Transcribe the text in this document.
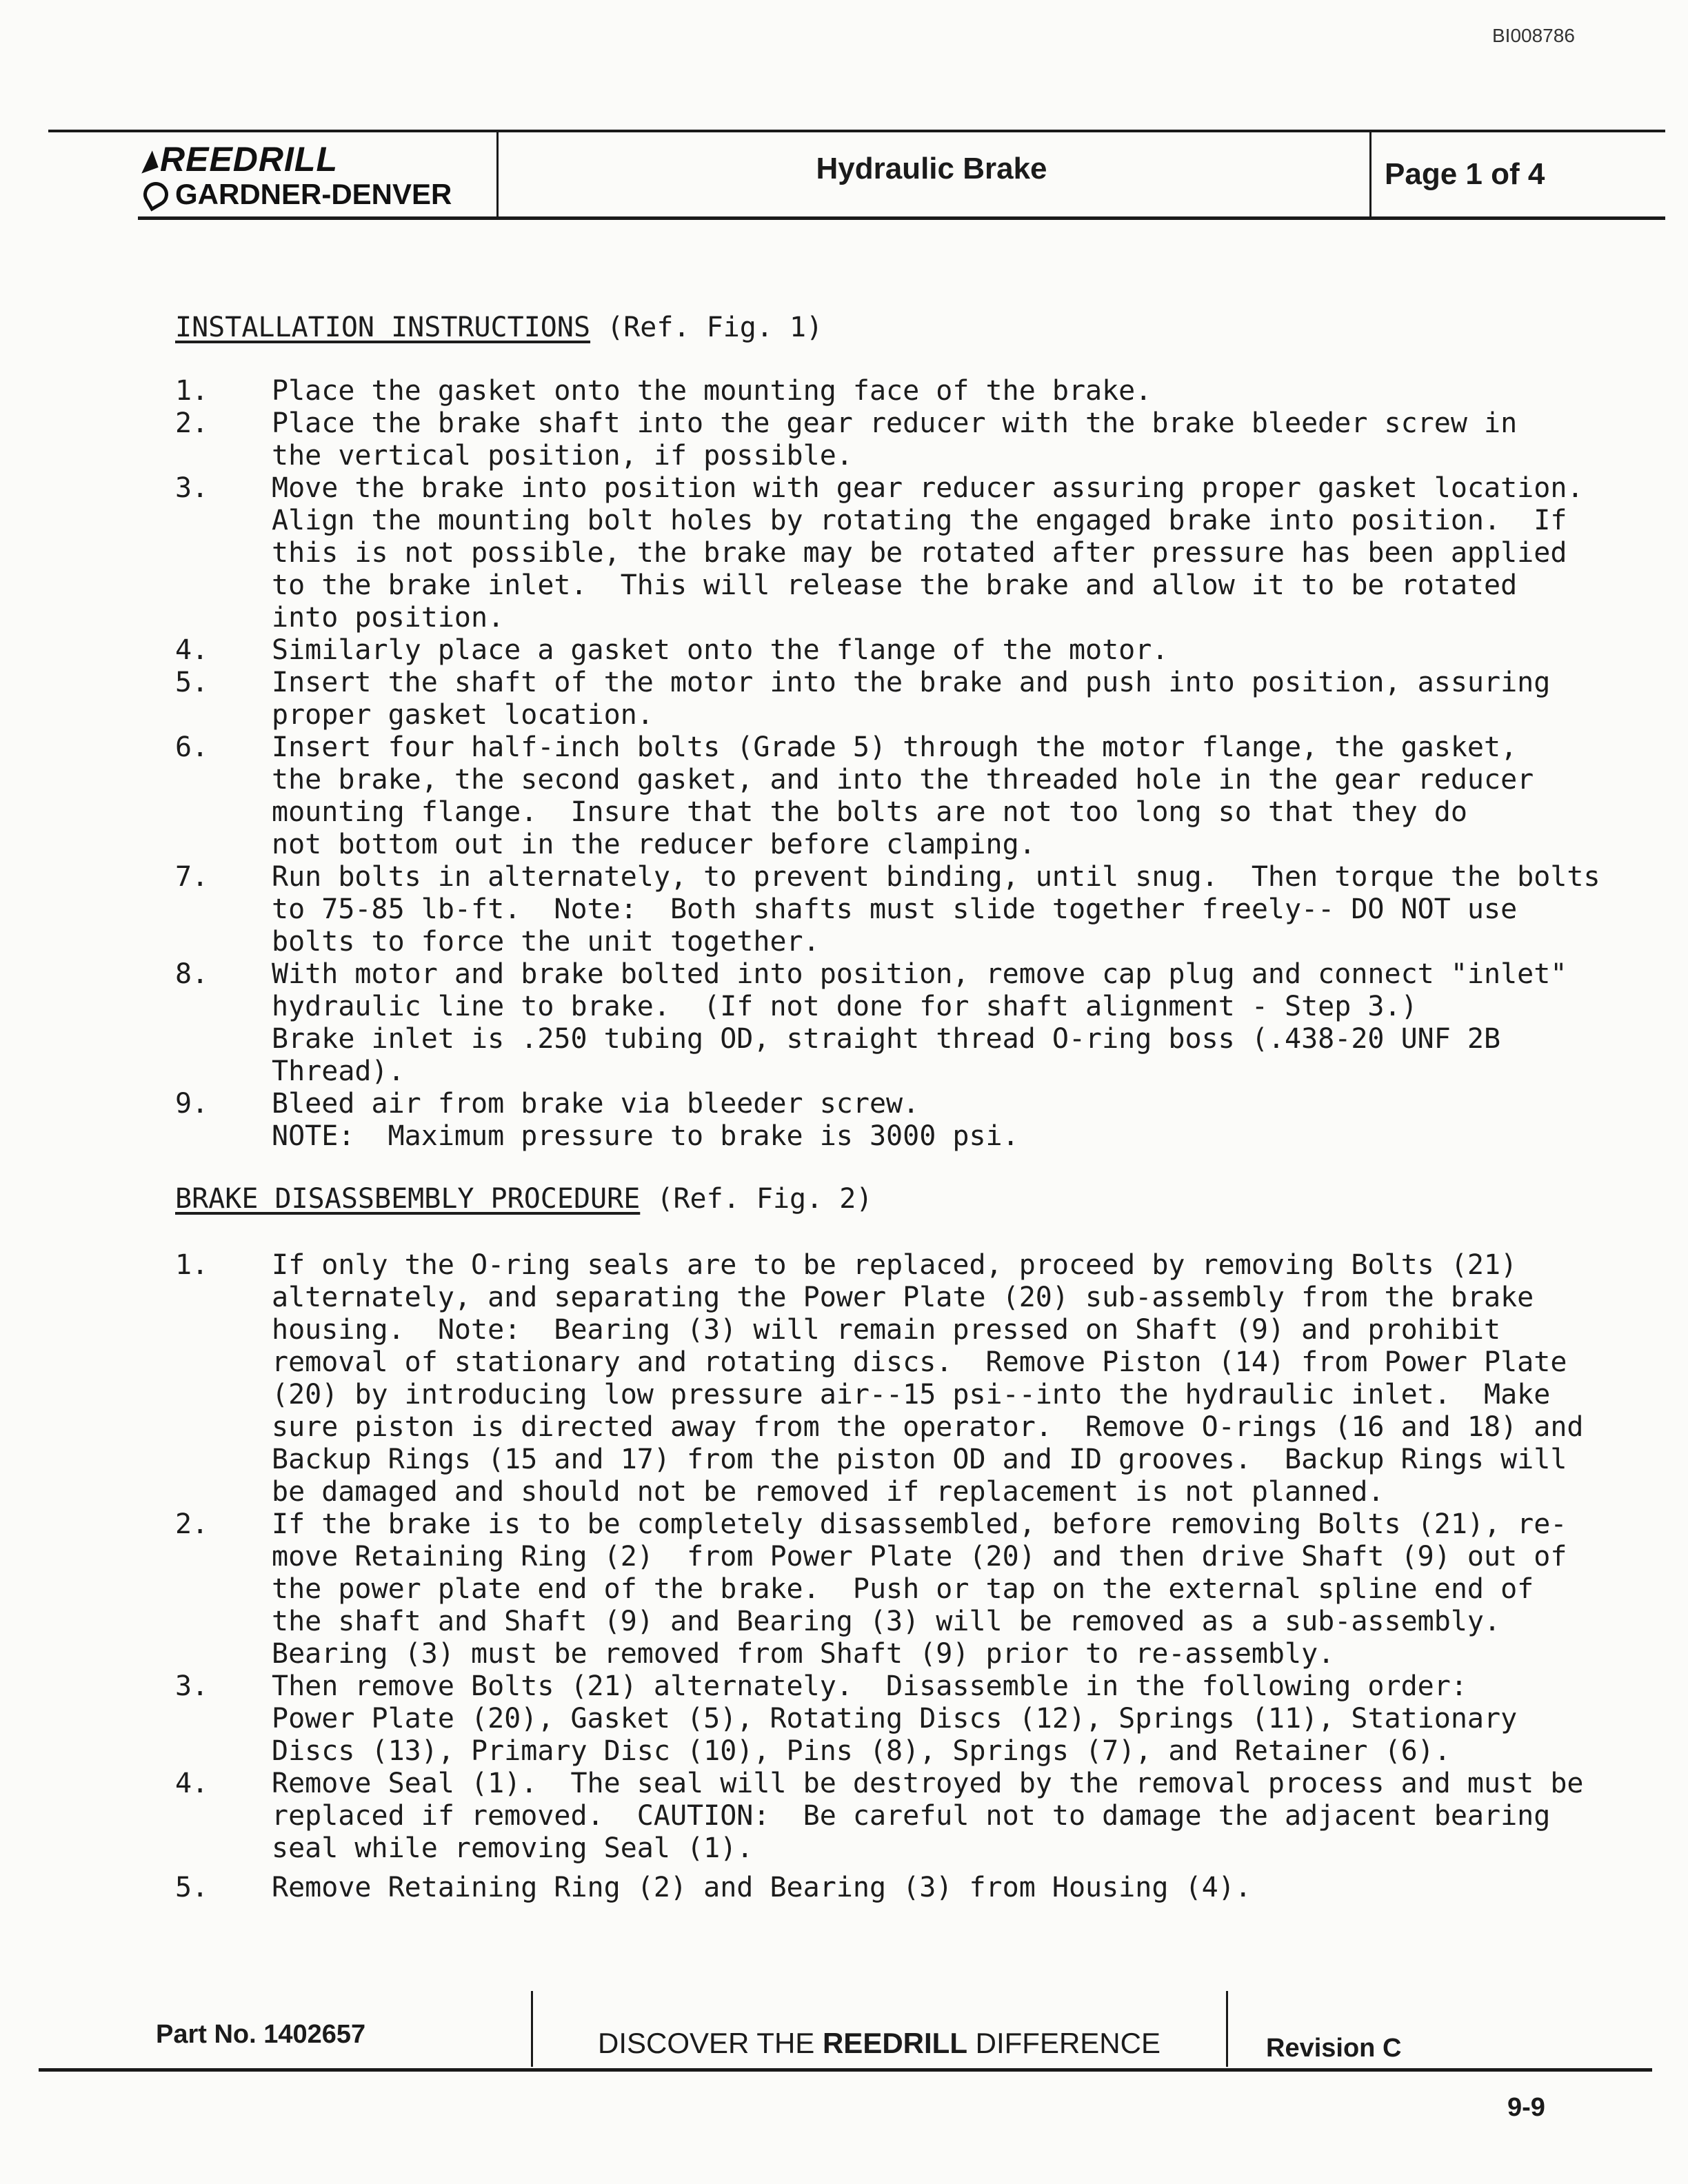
BI008786
REEDRILL
GARDNER-DENVER
Hydraulic Brake	Page 1 of 4
INSTALLATION INSTRUCTIONS (Ref. Fig. 1)
1. Place the gasket onto the mounting face of the brake.
2. Place the brake shaft into the gear reducer with the brake bleeder screw in
the vertical position, if possible.
3. Move the brake into position with gear reducer assuring proper gasket location.
Align the mounting bolt holes by rotating the engaged brake into position.  If
this is not possible, the brake may be rotated after pressure has been applied
to the brake inlet.  This will release the brake and allow it to be rotated
into position.
4. Similarly place a gasket onto the flange of the motor.
5. Insert the shaft of the motor into the brake and push into position, assuring
proper gasket location.
6. Insert four half-inch bolts (Grade 5) through the motor flange, the gasket,
the brake, the second gasket, and into the threaded hole in the gear reducer
mounting flange.  Insure that the bolts are not too long so that they do
not bottom out in the reducer before clamping.
7. Run bolts in alternately, to prevent binding, until snug.  Then torque the bolts
to 75-85 lb-ft.  Note:  Both shafts must slide together freely-- DO NOT use
bolts to force the unit together.
8. With motor and brake bolted into position, remove cap plug and connect "inlet"
hydraulic line to brake.  (If not done for shaft alignment - Step 3.)
Brake inlet is .250 tubing OD, straight thread O-ring boss (.438-20 UNF 2B
Thread).
9. Bleed air from brake via bleeder screw.
NOTE:  Maximum pressure to brake is 3000 psi.
BRAKE DISASSBEMBLY PROCEDURE (Ref. Fig. 2)
1. If only the O-ring seals are to be replaced, proceed by removing Bolts (21)
alternately, and separating the Power Plate (20) sub-assembly from the brake
housing.  Note:  Bearing (3) will remain pressed on Shaft (9) and prohibit
removal of stationary and rotating discs.  Remove Piston (14) from Power Plate
(20) by introducing low pressure air--15 psi--into the hydraulic inlet.  Make
sure piston is directed away from the operator.  Remove O-rings (16 and 18) and
Backup Rings (15 and 17) from the piston OD and ID grooves.  Backup Rings will
be damaged and should not be removed if replacement is not planned.
2. If the brake is to be completely disassembled, before removing Bolts (21), re-
move Retaining Ring (2)  from Power Plate (20) and then drive Shaft (9) out of
the power plate end of the brake.  Push or tap on the external spline end of
the shaft and Shaft (9) and Bearing (3) will be removed as a sub-assembly.
Bearing (3) must be removed from Shaft (9) prior to re-assembly.
3. Then remove Bolts (21) alternately.  Disassemble in the following order:
Power Plate (20), Gasket (5), Rotating Discs (12), Springs (11), Stationary
Discs (13), Primary Disc (10), Pins (8), Springs (7), and Retainer (6).
4. Remove Seal (1).  The seal will be destroyed by the removal process and must be
replaced if removed.  CAUTION:  Be careful not to damage the adjacent bearing
seal while removing Seal (1).
5. Remove Retaining Ring (2) and Bearing (3) from Housing (4).
Part No. 1402657	DISCOVER THE REEDRILL DIFFERENCE	Revision C
9-9
